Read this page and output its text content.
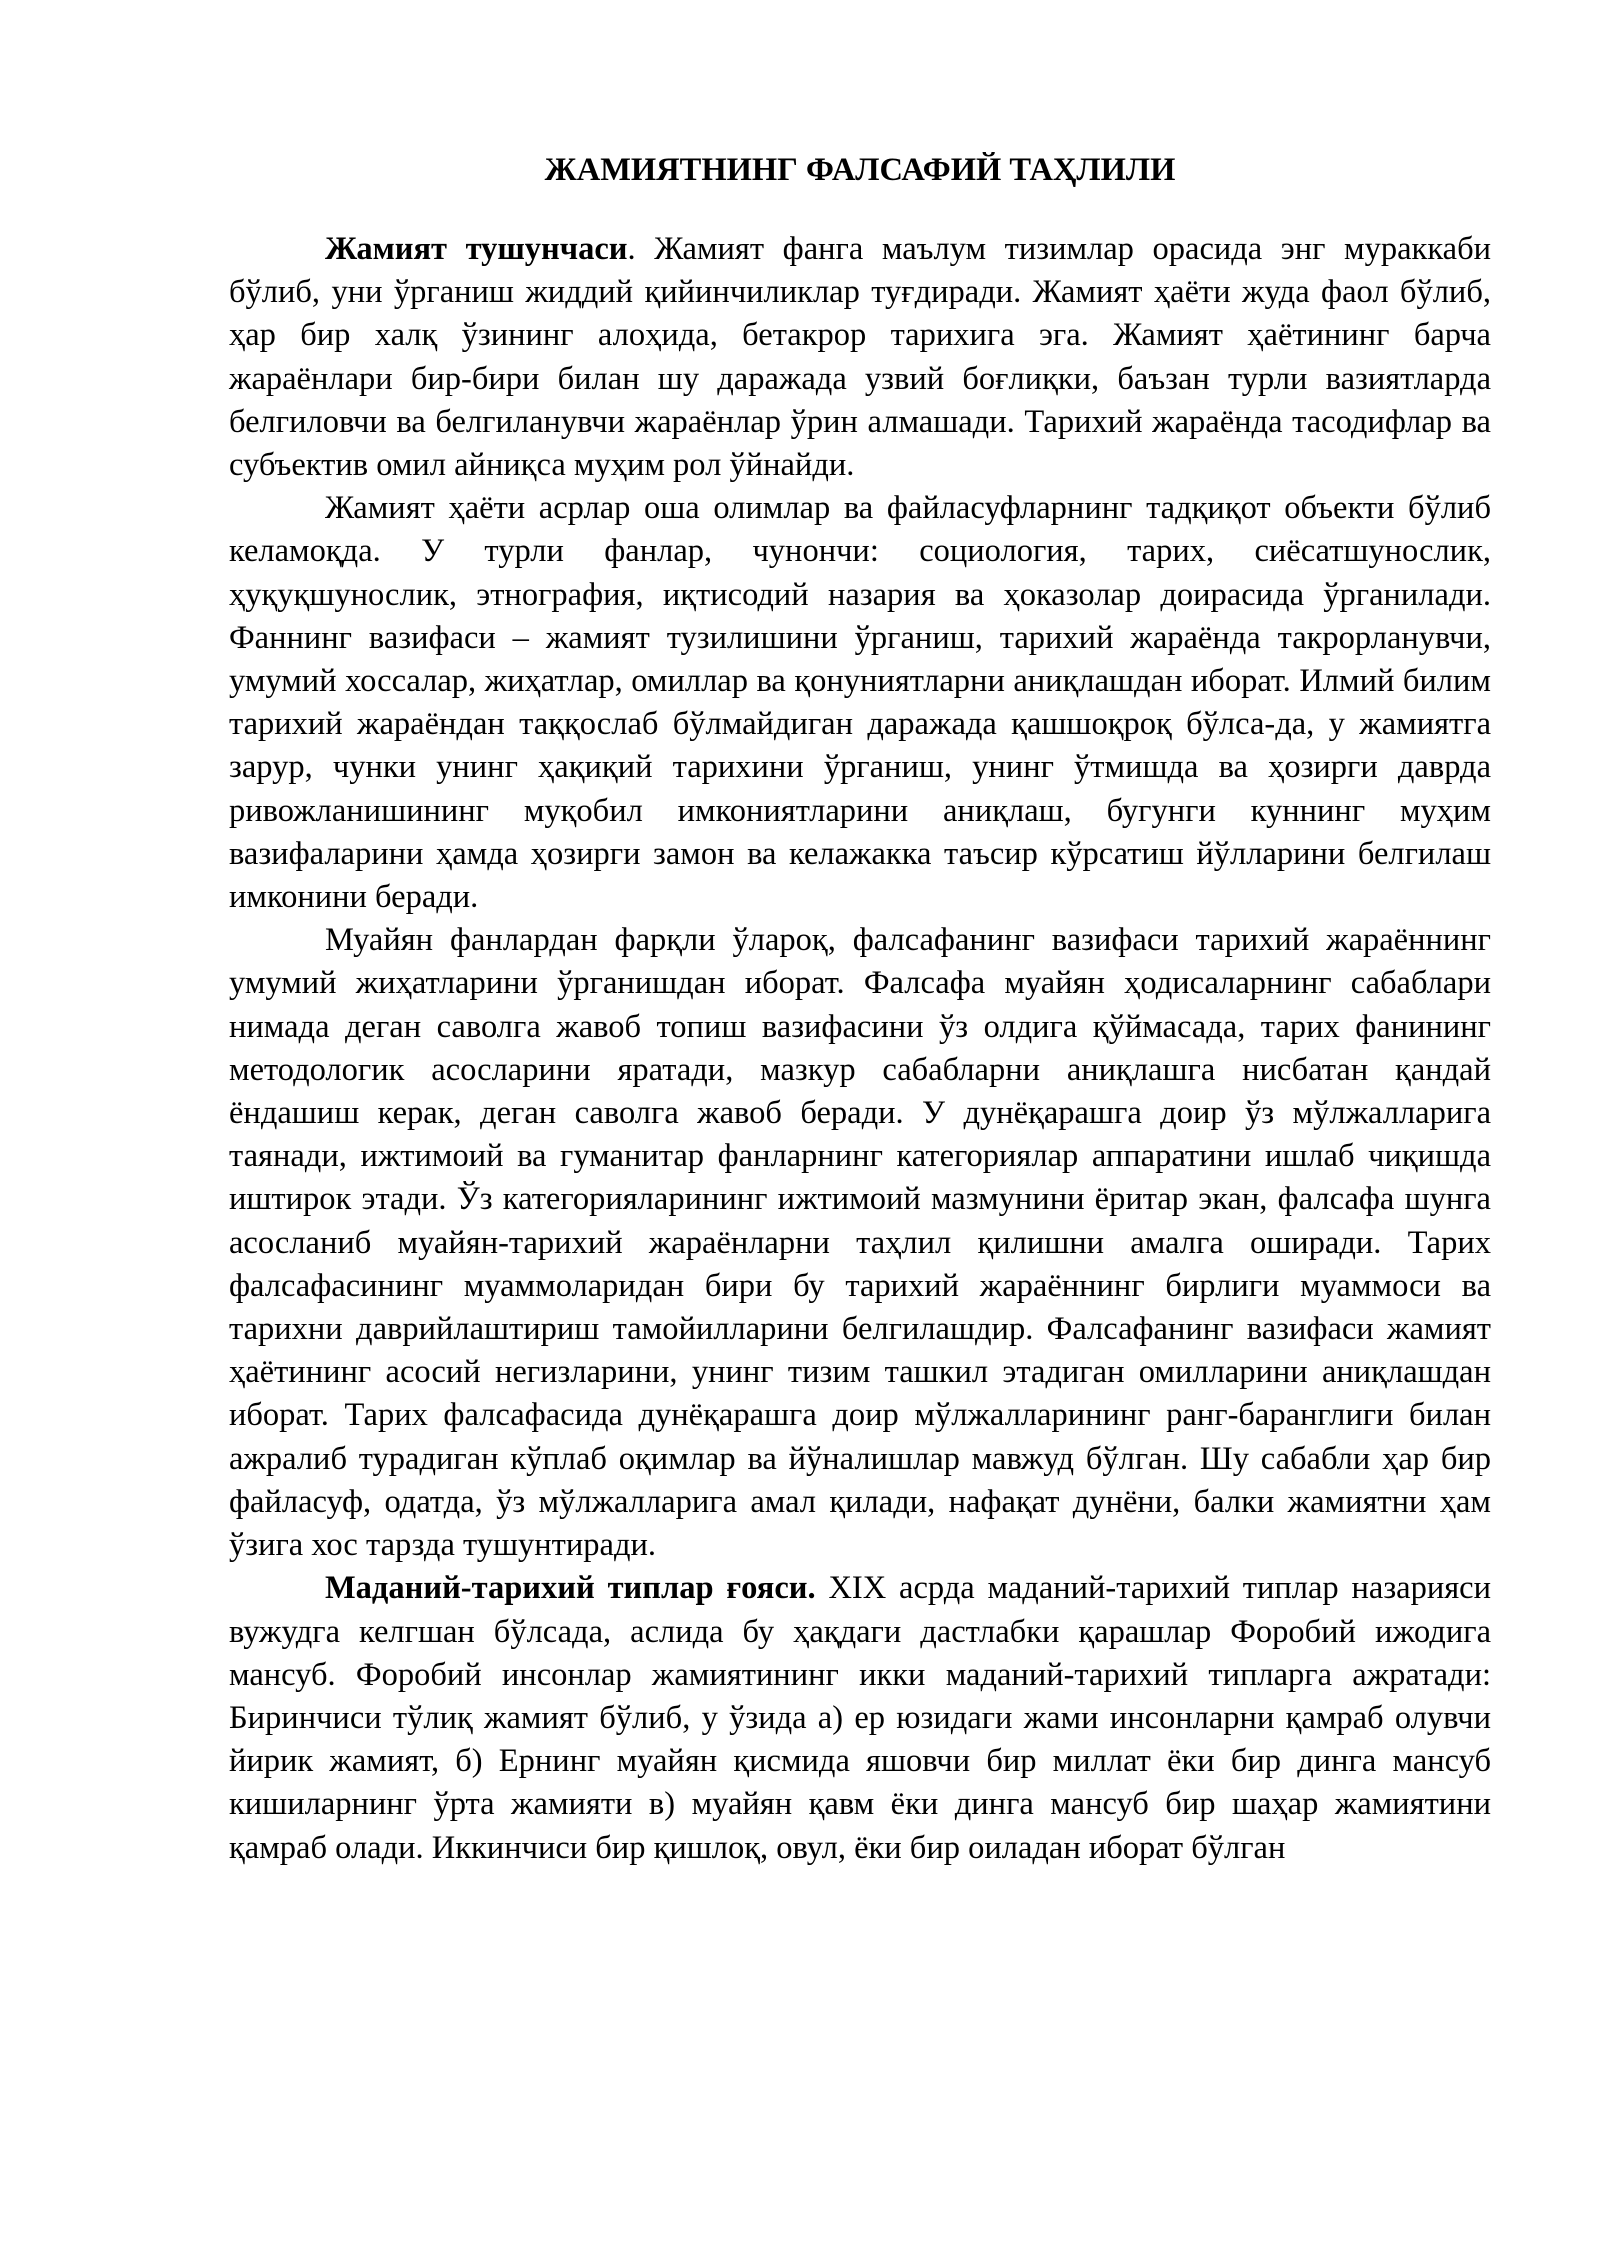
ЖАМИЯТНИНГ ФАЛСАФИЙ ТАҲЛИЛИ

Жамият тушунчаси. Жамият фанга маълум тизимлар орасида энг мураккаби бўлиб, уни ўрганиш жиддий қийинчиликлар туғдиради. Жамият ҳаёти жуда фаол бўлиб, ҳар бир халқ ўзининг алоҳида, бетакрор тарихига эга. Жамият ҳаётининг барча жараёнлари бир-бири билан шу даражада узвий боғлиқки, баъзан турли вазиятларда белгиловчи ва белгиланувчи жараёнлар ўрин алмашади. Тарихий жараёнда тасодифлар ва субъектив омил айниқса муҳим рол ўйнайди.

Жамият ҳаёти асрлар оша олимлар ва файласуфларнинг тадқиқот объекти бўлиб келамоқда. У турли фанлар, чунончи: социология, тарих, сиёсатшунослик, ҳуқуқшунослик, этнография, иқтисодий назария ва ҳоказолар доирасида ўрганилади. Фаннинг вазифаси – жамият тузилишини ўрганиш, тарихий жараёнда такрорланувчи, умумий хоссалар, жиҳатлар, омиллар ва қонуниятларни аниқлашдан иборат. Илмий билим тарихий жараёндан таққослаб бўлмайдиган даражада қашшоқроқ бўлса-да, у жамиятга зарур, чунки унинг ҳақиқий тарихини ўрганиш, унинг ўтмишда ва ҳозирги даврда ривожланишининг муқобил имкониятларини аниқлаш, бугунги куннинг муҳим вазифаларини ҳамда ҳозирги замон ва келажакка таъсир кўрсатиш йўлларини белгилаш имконини беради.

Муайян фанлардан фарқли ўлароқ, фалсафанинг вазифаси тарихий жараённинг умумий жиҳатларини ўрганишдан иборат. Фалсафа муайян ҳодисаларнинг сабаблари нимада деган саволга жавоб топиш вазифасини ўз олдига қўймасада, тарих фанининг методологик асосларини яратади, мазкур сабабларни аниқлашга нисбатан қандай ёндашиш керак, деган саволга жавоб беради. У дунёқарашга доир ўз мўлжалларига таянади, ижтимоий ва гуманитар фанларнинг категориялар аппаратини ишлаб чиқишда иштирок этади. Ўз категорияларининг ижтимоий мазмунини ёритар экан, фалсафа шунга асосланиб муайян-тарихий жараёнларни таҳлил қилишни амалга оширади. Тарих фалсафасининг муаммоларидан бири бу тарихий жараённинг бирлиги муаммоси ва тарихни даврийлаштириш тамойилларини белгилашдир. Фалсафанинг вазифаси жамият ҳаётининг асосий негизларини, унинг тизим ташкил этадиган омилларини аниқлашдан иборат. Тарих фалсафасида дунёқарашга доир мўлжалларининг ранг-баранглиги билан ажралиб турадиган кўплаб оқимлар ва йўналишлар мавжуд бўлган. Шу сабабли ҳар бир файласуф, одатда, ўз мўлжалларига амал қилади, нафақат дунёни, балки жамиятни ҳам ўзига хос тарзда тушунтиради.

Маданий-тарихий типлар ғояси. XIX асрда маданий-тарихий типлар назарияси вужудга келгшан бўлсада, аслида бу ҳақдаги дастлабки қарашлар Форобий ижодига мансуб. Форобий инсонлар жамиятининг икки маданий-тарихий типларга ажратади: Биринчиси тўлиқ жамият бўлиб, у ўзида а) ер юзидаги жами инсонларни қамраб олувчи йирик жамият, б) Ернинг муайян қисмида яшовчи бир миллат ёки бир динга мансуб кишиларнинг ўрта жамияти в) муайян қавм ёки динга мансуб бир шаҳар жамиятини қамраб олади. Иккинчиси бир қишлоқ, овул, ёки бир оиладан иборат бўлган
